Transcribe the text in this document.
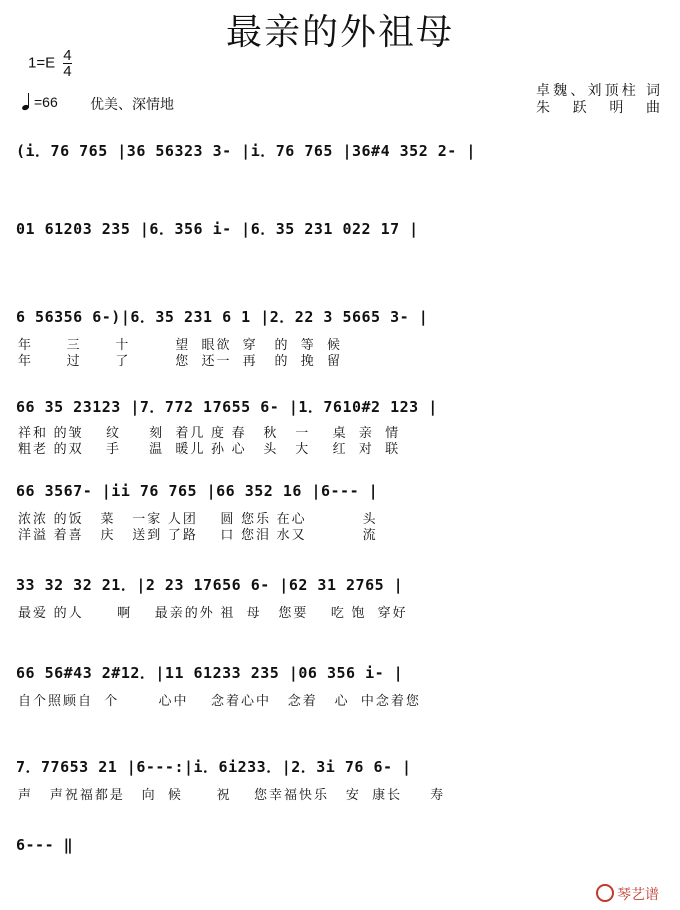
最亲的外祖母
$1=E \frac{4}{4}$
=66 优美、深情地
卓魏、刘顶柱 词
朱 跃 明 曲
(i．76 765 |36 56323 3- |i．76 765 |36#4 352 2- |
01 61203 235 |6．356 i- |6．35 231 022 17 |
6 56356 6-)|6．35 231 6 1 |2．22 3 5665 3- |
年      三      十        望  眼欲  穿   的  等  候
年      过      了        您  还一  再   的  挽  留
66 35 23123 |7．772 17655 6- |1．7610#2 123 |
祥和 的皱    纹     刻  着几 度 春   秋   一    桌  亲  情
粗老 的双    手     温  暖儿 孙 心   头   大    红  对  联
66 3567- |ii 76 765 |66 352 16 |6--- |
浓浓 的饭   菜   一家 人团    圆 您乐 在心          头
洋溢 着喜   庆   送到 了路    口 您泪 水又          流
33 32 32 21．|2 23 17656 6- |62 31 2765 |
最爱 的人      啊    最亲的外 祖  母   您要    吃 饱  穿好
66 56#43 2#12．|11 61233 235 |06 356 i- |
自个照顾自  个       心中    念着心中   念着   心  中念着您
7．77653 21 |6---:|i．6i233．|2．3i 76 6- |
声   声祝福都是   向  候      祝    您幸福快乐   安  康长     寿
6--- ‖
琴艺谱
